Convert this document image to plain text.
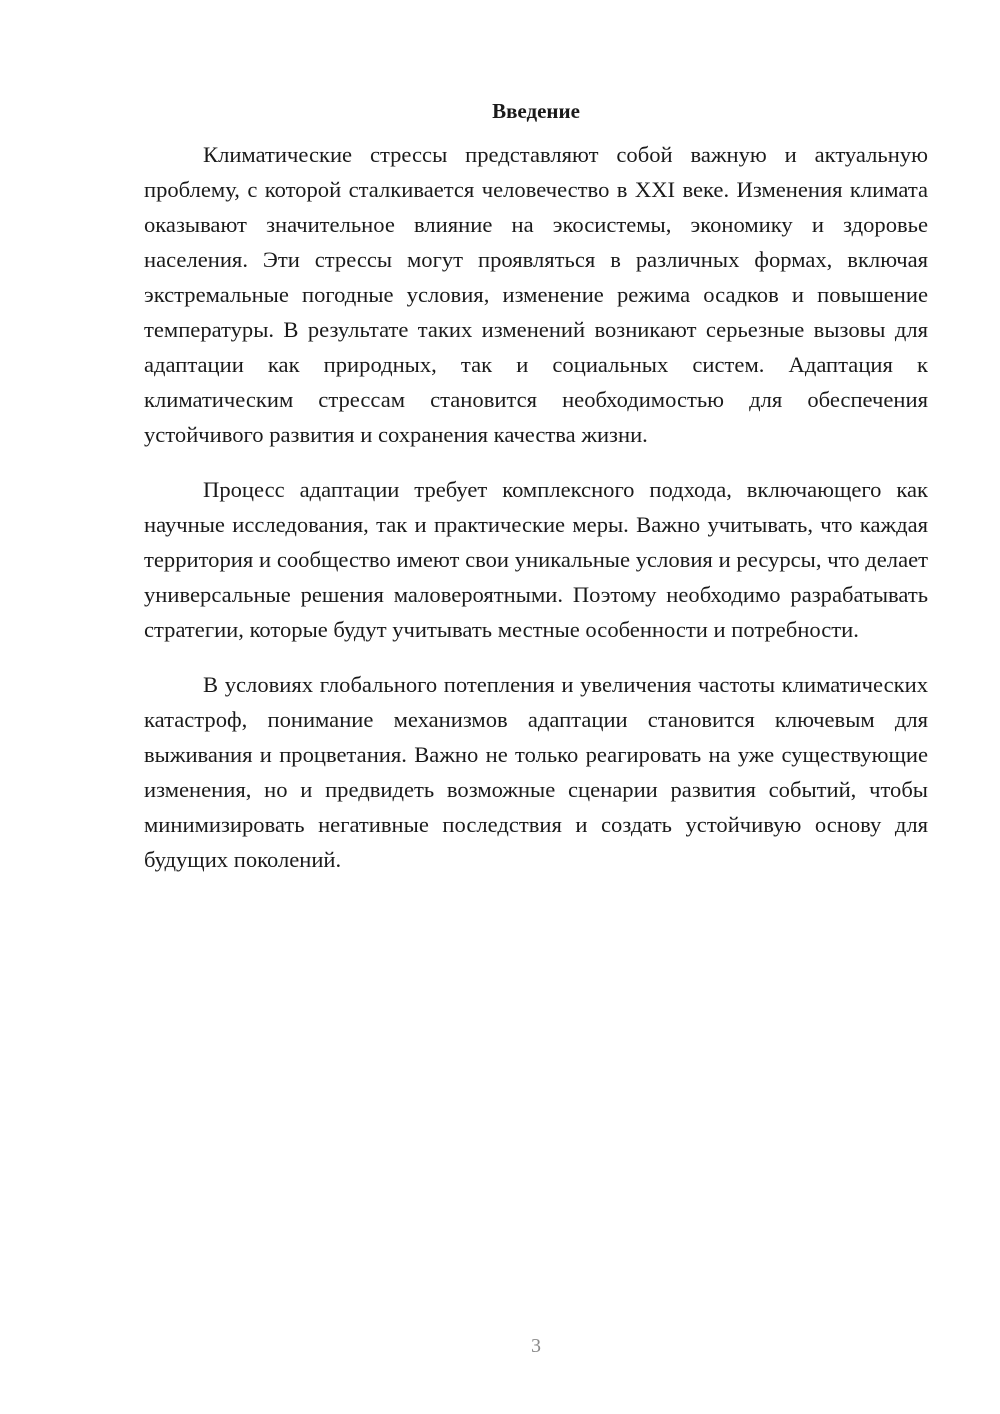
Введение

Климатические стрессы представляют собой важную и актуальную проблему, с которой сталкивается человечество в XXI веке. Изменения климата оказывают значительное влияние на экосистемы, экономику и здоровье населения. Эти стрессы могут проявляться в различных формах, включая экстремальные погодные условия, изменение режима осадков и повышение температуры. В результате таких изменений возникают серьезные вызовы для адаптации как природных, так и социальных систем. Адаптация к климатическим стрессам становится необходимостью для обеспечения устойчивого развития и сохранения качества жизни.

Процесс адаптации требует комплексного подхода, включающего как научные исследования, так и практические меры. Важно учитывать, что каждая территория и сообщество имеют свои уникальные условия и ресурсы, что делает универсальные решения маловероятными. Поэтому необходимо разрабатывать стратегии, которые будут учитывать местные особенности и потребности.

В условиях глобального потепления и увеличения частоты климатических катастроф, понимание механизмов адаптации становится ключевым для выживания и процветания. Важно не только реагировать на уже существующие изменения, но и предвидеть возможные сценарии развития событий, чтобы минимизировать негативные последствия и создать устойчивую основу для будущих поколений.

3
